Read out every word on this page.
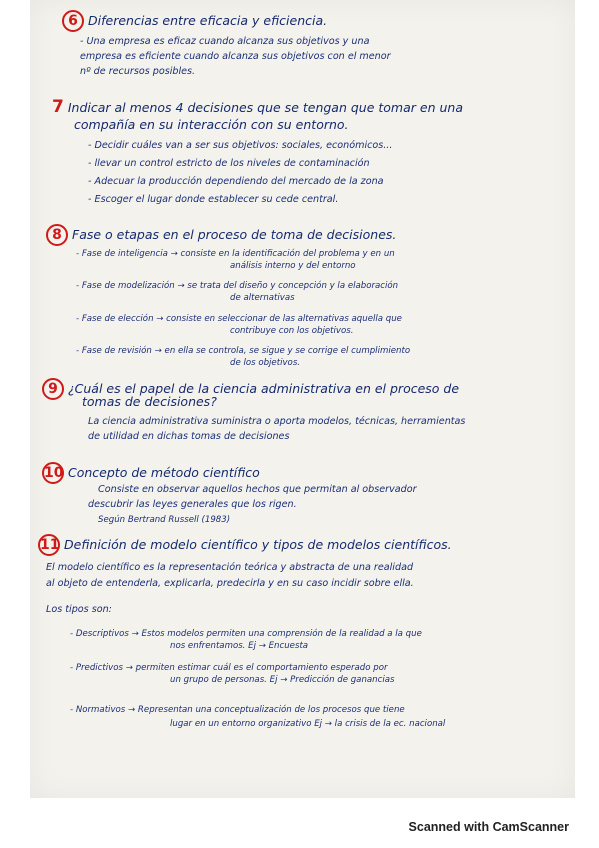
6 Diferencias entre eficacia y eficiencia.

- Una empresa es eficaz cuando alcanza sus objetivos y una

empresa es eficiente cuando alcanza sus objetivos con el menor

nº de recursos posibles.

7 Indicar al menos 4 decisiones que se tengan que tomar en una
compañía en su interacción con su entorno.

- Decidir cuáles van a ser sus objetivos: sociales, económicos...

- llevar un control estricto de los niveles de contaminación

- Adecuar la producción dependiendo del mercado de la zona

- Escoger el lugar donde establecer su cede central.

8 Fase o etapas en el proceso de toma de decisiones.

- Fase de inteligencia → consiste en la identificación del problema y en un

análisis interno y del entorno

- Fase de modelización → se trata del diseño y concepción y la elaboración

de alternativas

- Fase de elección → consiste en seleccionar de las alternativas aquella que

contribuye con los objetivos.

- Fase de revisión → en ella se controla, se sigue y se corrige el cumplimiento

de los objetivos.

9 ¿Cuál es el papel de la ciencia administrativa en el proceso de
tomas de decisiones?

La ciencia administrativa suministra o aporta modelos, técnicas, herramientas

de utilidad en dichas tomas de decisiones

10 Concepto de método científico

Consiste en observar aquellos hechos que permitan al observador

descubrir las leyes generales que los rigen.

Según Bertrand Russell (1983)

11 Definición de modelo científico y tipos de modelos científicos.

El modelo científico es la representación teórica y abstracta de una realidad

al objeto de entenderla, explicarla, predecirla y en su caso incidir sobre ella.

Los tipos son:

- Descriptivos → Estos modelos permiten una comprensión de la realidad a la que

nos enfrentamos. Ej → Encuesta

- Predictivos → permiten estimar cuál es el comportamiento esperado por

un grupo de personas. Ej → Predicción de ganancias

- Normativos → Representan una conceptualización de los procesos que tiene

lugar en un entorno organizativo Ej → la crisis de la ec. nacional

Scanned with CamScanner
